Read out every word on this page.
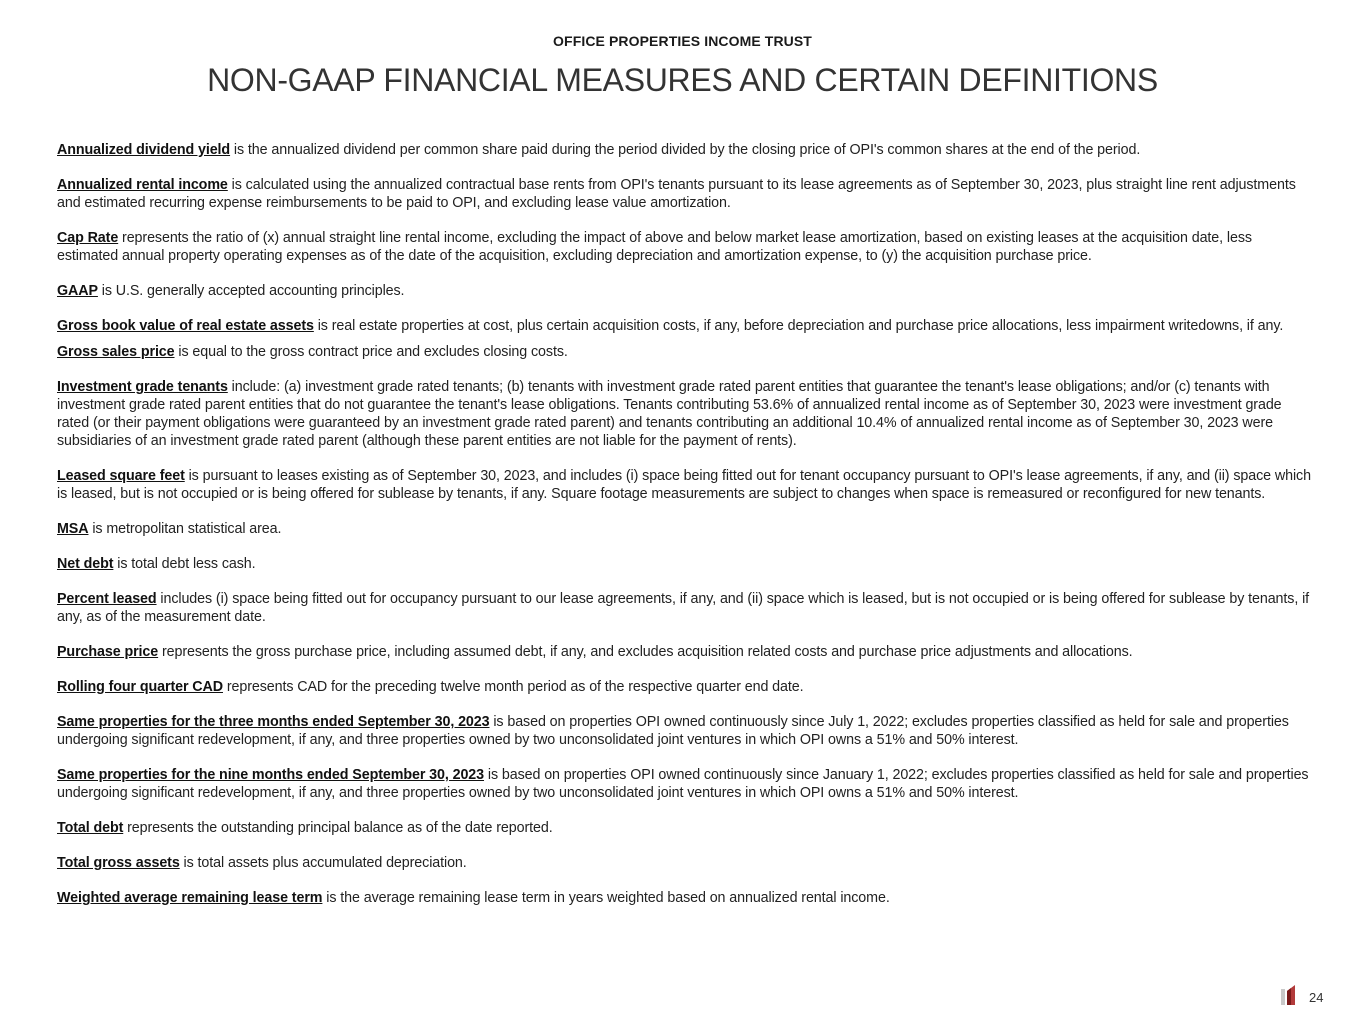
OFFICE PROPERTIES INCOME TRUST
NON-GAAP FINANCIAL MEASURES AND CERTAIN DEFINITIONS

Annualized dividend yield is the annualized dividend per common share paid during the period divided by the closing price of OPI's common shares at the end of the period.

Annualized rental income is calculated using the annualized contractual base rents from OPI's tenants pursuant to its lease agreements as of September 30, 2023, plus straight line rent adjustments and estimated recurring expense reimbursements to be paid to OPI, and excluding lease value amortization.

Cap Rate represents the ratio of (x) annual straight line rental income, excluding the impact of above and below market lease amortization, based on existing leases at the acquisition date, less estimated annual property operating expenses as of the date of the acquisition, excluding depreciation and amortization expense, to (y) the acquisition purchase price.

GAAP is U.S. generally accepted accounting principles.

Gross book value of real estate assets is real estate properties at cost, plus certain acquisition costs, if any, before depreciation and purchase price allocations, less impairment writedowns, if any.

Gross sales price is equal to the gross contract price and excludes closing costs.

Investment grade tenants include: (a) investment grade rated tenants; (b) tenants with investment grade rated parent entities that guarantee the tenant's lease obligations; and/or (c) tenants with investment grade rated parent entities that do not guarantee the tenant's lease obligations. Tenants contributing 53.6% of annualized rental income as of September 30, 2023 were investment grade rated (or their payment obligations were guaranteed by an investment grade rated parent) and tenants contributing an additional 10.4% of annualized rental income as of September 30, 2023 were subsidiaries of an investment grade rated parent (although these parent entities are not liable for the payment of rents).

Leased square feet is pursuant to leases existing as of September 30, 2023, and includes (i) space being fitted out for tenant occupancy pursuant to OPI's lease agreements, if any, and (ii) space which is leased, but is not occupied or is being offered for sublease by tenants, if any. Square footage measurements are subject to changes when space is remeasured or reconfigured for new tenants.

MSA is metropolitan statistical area.

Net debt is total debt less cash.

Percent leased includes (i) space being fitted out for occupancy pursuant to our lease agreements, if any, and (ii) space which is leased, but is not occupied or is being offered for sublease by tenants, if any, as of the measurement date.

Purchase price represents the gross purchase price, including assumed debt, if any, and excludes acquisition related costs and purchase price adjustments and allocations.

Rolling four quarter CAD represents CAD for the preceding twelve month period as of the respective quarter end date.

Same properties for the three months ended September 30, 2023 is based on properties OPI owned continuously since July 1, 2022; excludes properties classified as held for sale and properties undergoing significant redevelopment, if any, and three properties owned by two unconsolidated joint ventures in which OPI owns a 51% and 50% interest.

Same properties for the nine months ended September 30, 2023 is based on properties OPI owned continuously since January 1, 2022; excludes properties classified as held for sale and properties undergoing significant redevelopment, if any, and three properties owned by two unconsolidated joint ventures in which OPI owns a 51% and 50% interest.

Total debt represents the outstanding principal balance as of the date reported.

Total gross assets is total assets plus accumulated depreciation.

Weighted average remaining lease term is the average remaining lease term in years weighted based on annualized rental income.

24
